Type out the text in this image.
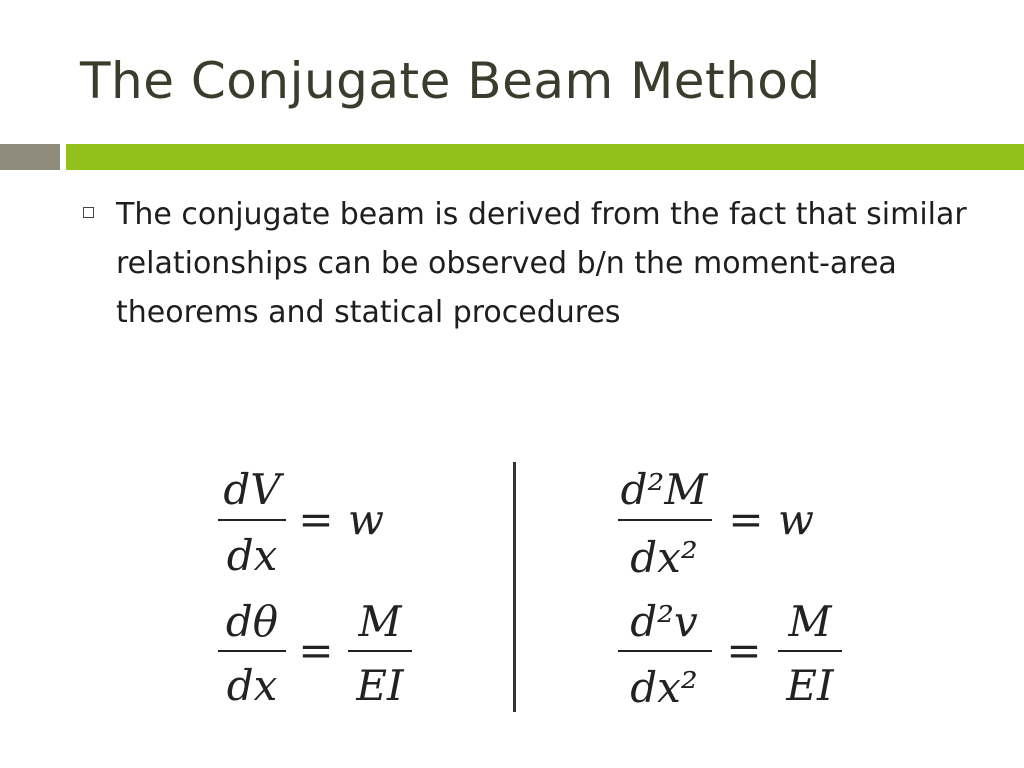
The Conjugate Beam Method
The conjugate beam is derived from the fact that similar relationships can be observed b/n the moment-area theorems and statical procedures
dV
dx
= w
dθ
dx
=
M
EI
d²M
dx²
= w
d²v
dx²
=
M
EI
